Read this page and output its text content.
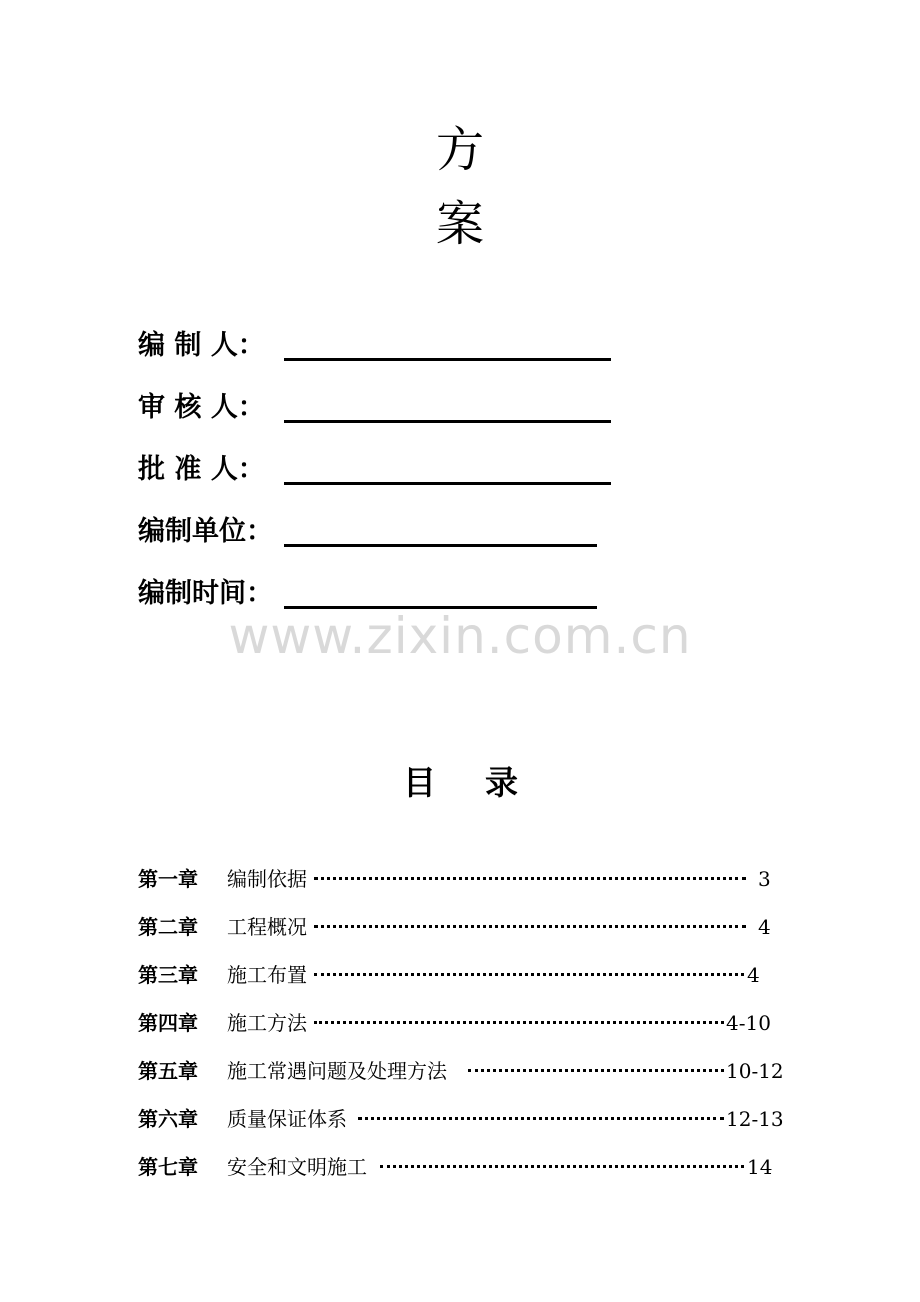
方
案
编 制 人：
审 核 人：
批 准 人：
编制单位：
编制时间：
www.zixin.com.cn
目 录
第一章 编制依据	3
第二章 工程概况	4
第三章 施工布置	4
第四章 施工方法	4-10
第五章 施工常遇问题及处理方法	10-12
第六章 质量保证体系	12-13
第七章 安全和文明施工	14
